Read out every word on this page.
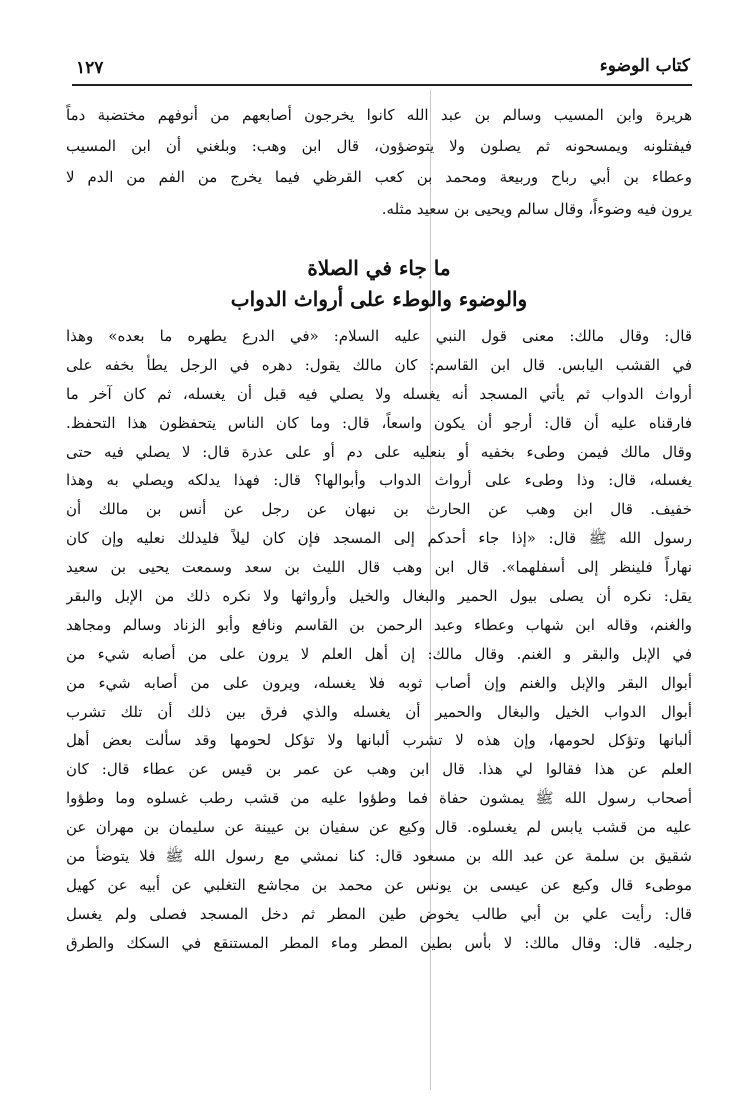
كتاب الوضوء
١٢٧
هريرة وابن المسيب وسالم بن عبد الله كانوا يخرجون أصابعهم من أنوفهم مختضبة دماً
فيفتلونه ويمسحونه ثم يصلون ولا يتوضؤون، قال ابن وهب: وبلغني أن ابن المسيب
وعطاء بن أبي رباح وربيعة ومحمد بن كعب القرظي فيما يخرج من الفم من الدم لا
يرون فيه وضوءاً، وقال سالم ويحيى بن سعيد مثله.
ما جاء في الصلاة
والوضوء والوطء على أرواث الدواب
قال: وقال مالك: معنى قول النبي عليه السلام: «في الدرع يطهره ما بعده» وهذا
في القشب اليابس. قال ابن القاسم: كان مالك يقول: دهره في الرجل يطأ بخفه على
أرواث الدواب ثم يأتي المسجد أنه يغسله ولا يصلي فيه قبل أن يغسله، ثم كان آخر ما
فارقناه عليه أن قال: أرجو أن يكون واسعاً، قال: وما كان الناس يتحفظون هذا التحفظ.
وقال مالك فيمن وطىء بخفيه أو بنعليه على دم أو على عذرة قال: لا يصلي فيه حتى
يغسله، قال: وذا وطىء على أرواث الدواب وأبوالها؟ قال: فهذا يدلكه ويصلي به وهذا
خفيف. قال ابن وهب عن الحارث بن نبهان عن رجل عن أنس بن مالك أن
رسول الله ﷺ قال: «إذا جاء أحدكم إلى المسجد فإن كان ليلاً فليدلك نعليه وإن كان
نهاراً فلينظر إلى أسفلهما». قال ابن وهب قال الليث بن سعد وسمعت يحيى بن سعيد
يقل: نكره أن يصلى بيول الحمير والبغال والخيل وأرواثها ولا نكره ذلك من الإبل والبقر
والغنم، وقاله ابن شهاب وعطاء وعبد الرحمن بن القاسم ونافع وأبو الزناد وسالم ومجاهد
في الإبل والبقر و الغنم. وقال مالك: إن أهل العلم لا يرون على من أصابه شيء من
أبوال البقر والإبل والغنم وإن أصاب ثوبه فلا يغسله، ويرون على من أصابه شيء من
أبوال الدواب الخيل والبغال والحمير أن يغسله والذي فرق بين ذلك أن تلك تشرب
ألبانها وتؤكل لحومها، وإن هذه لا تشرب ألبانها ولا تؤكل لحومها وقد سألت بعض أهل
العلم عن هذا فقالوا لي هذا. قال ابن وهب عن عمر بن قيس عن عطاء قال: كان
أصحاب رسول الله ﷺ يمشون حفاة فما وطؤوا عليه من قشب رطب غسلوه وما وطؤوا
عليه من قشب يابس لم يغسلوه. قال وكيع عن سفيان بن عيينة عن سليمان بن مهران عن
شقيق بن سلمة عن عبد الله بن مسعود قال: كنا نمشي مع رسول الله ﷺ فلا يتوضأ من
موطىء قال وكيع عن عيسى بن يونس عن محمد بن مجاشع التغلبي عن أبيه عن كهيل
قال: رأيت علي بن أبي طالب يخوض طين المطر ثم دخل المسجد فصلى ولم يغسل
رجليه. قال: وقال مالك: لا بأس بطين المطر وماء المطر المستنقع في السكك والطرق
